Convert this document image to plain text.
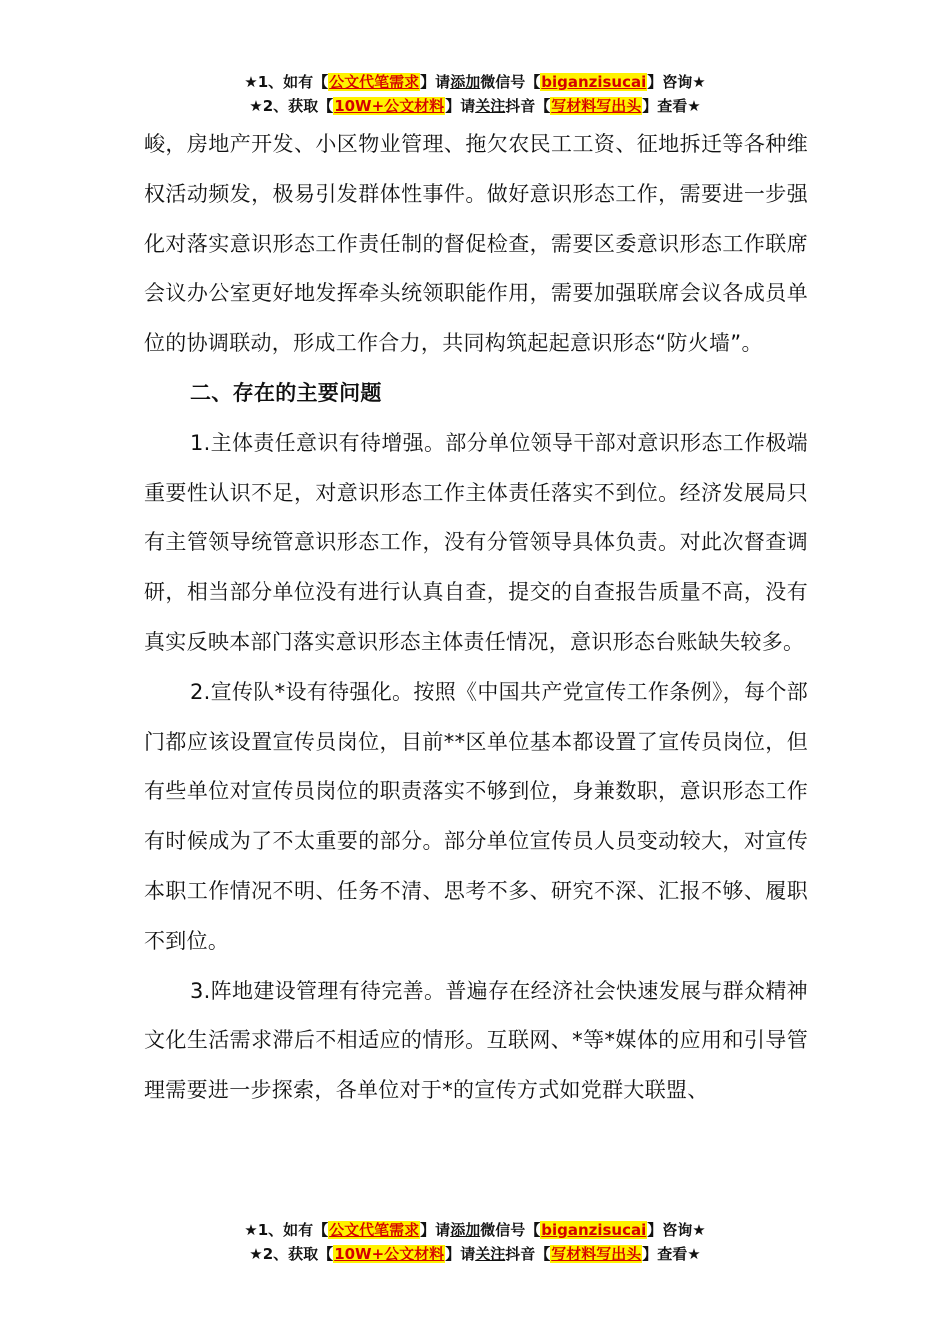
★1、如有【公文代笔需求】请添加微信号【biganzisucai】咨询★
★2、获取【10W+公文材料】请关注抖音【写材料写出头】查看★

峻，房地产开发、小区物业管理、拖欠农民工工资、征地拆迁等各种维权活动频发，极易引发群体性事件。做好意识形态工作，需要进一步强化对落实意识形态工作责任制的督促检查，需要区委意识形态工作联席会议办公室更好地发挥牵头统领职能作用，需要加强联席会议各成员单位的协调联动，形成工作合力，共同构筑起起意识形态“防火墙”。

二、存在的主要问题

1.主体责任意识有待增强。部分单位领导干部对意识形态工作极端重要性认识不足，对意识形态工作主体责任落实不到位。经济发展局只有主管领导统管意识形态工作，没有分管领导具体负责。对此次督查调研，相当部分单位没有进行认真自查，提交的自查报告质量不高，没有真实反映本部门落实意识形态主体责任情况，意识形态台账缺失较多。

2.宣传队*设有待强化。按照《中国共产党宣传工作条例》，每个部门都应该设置宣传员岗位，目前**区单位基本都设置了宣传员岗位，但有些单位对宣传员岗位的职责落实不够到位，身兼数职，意识形态工作有时候成为了不太重要的部分。部分单位宣传员人员变动较大，对宣传本职工作情况不明、任务不清、思考不多、研究不深、汇报不够、履职不到位。

3.阵地建设管理有待完善。普遍存在经济社会快速发展与群众精神文化生活需求滞后不相适应的情形。互联网、*等*媒体的应用和引导管理需要进一步探索，各单位对于*的宣传方式如党群大联盟、

★1、如有【公文代笔需求】请添加微信号【biganzisucai】咨询★
★2、获取【10W+公文材料】请关注抖音【写材料写出头】查看★
